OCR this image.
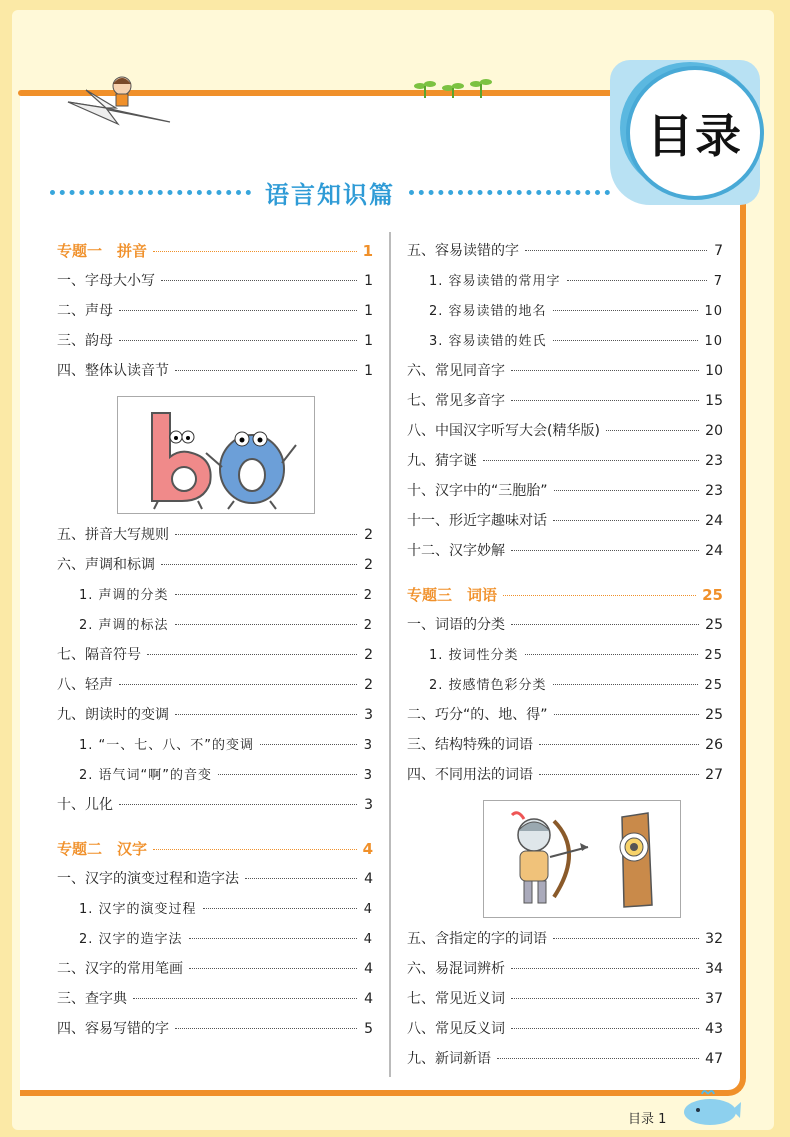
目录
语言知识篇
专题一　拼音	1
一、字母大小写	1
二、声母	1
三、韵母	1
四、整体认读音节	1
五、拼音大写规则	2
六、声调和标调	2
1. 声调的分类	2
2. 声调的标法	2
七、隔音符号	2
八、轻声	2
九、朗读时的变调	3
1. “一、七、八、不”的变调	3
2. 语气词“啊”的音变	3
十、儿化	3
专题二　汉字	4
一、汉字的演变过程和造字法	4
1. 汉字的演变过程	4
2. 汉字的造字法	4
二、汉字的常用笔画	4
三、查字典	4
四、容易写错的字	5
五、容易读错的字	7
1. 容易读错的常用字	7
2. 容易读错的地名	10
3. 容易读错的姓氏	10
六、常见同音字	10
七、常见多音字	15
八、中国汉字听写大会(精华版)	20
九、猜字谜	23
十、汉字中的“三胞胎”	23
十一、形近字趣味对话	24
十二、汉字妙解	24
专题三　词语	25
一、词语的分类	25
1. 按词性分类	25
2. 按感情色彩分类	25
二、巧分“的、地、得”	25
三、结构特殊的词语	26
四、不同用法的词语	27
五、含指定的字的词语	32
六、易混词辨析	34
七、常见近义词	37
八、常见反义词	43
九、新词新语	47
目录 1
